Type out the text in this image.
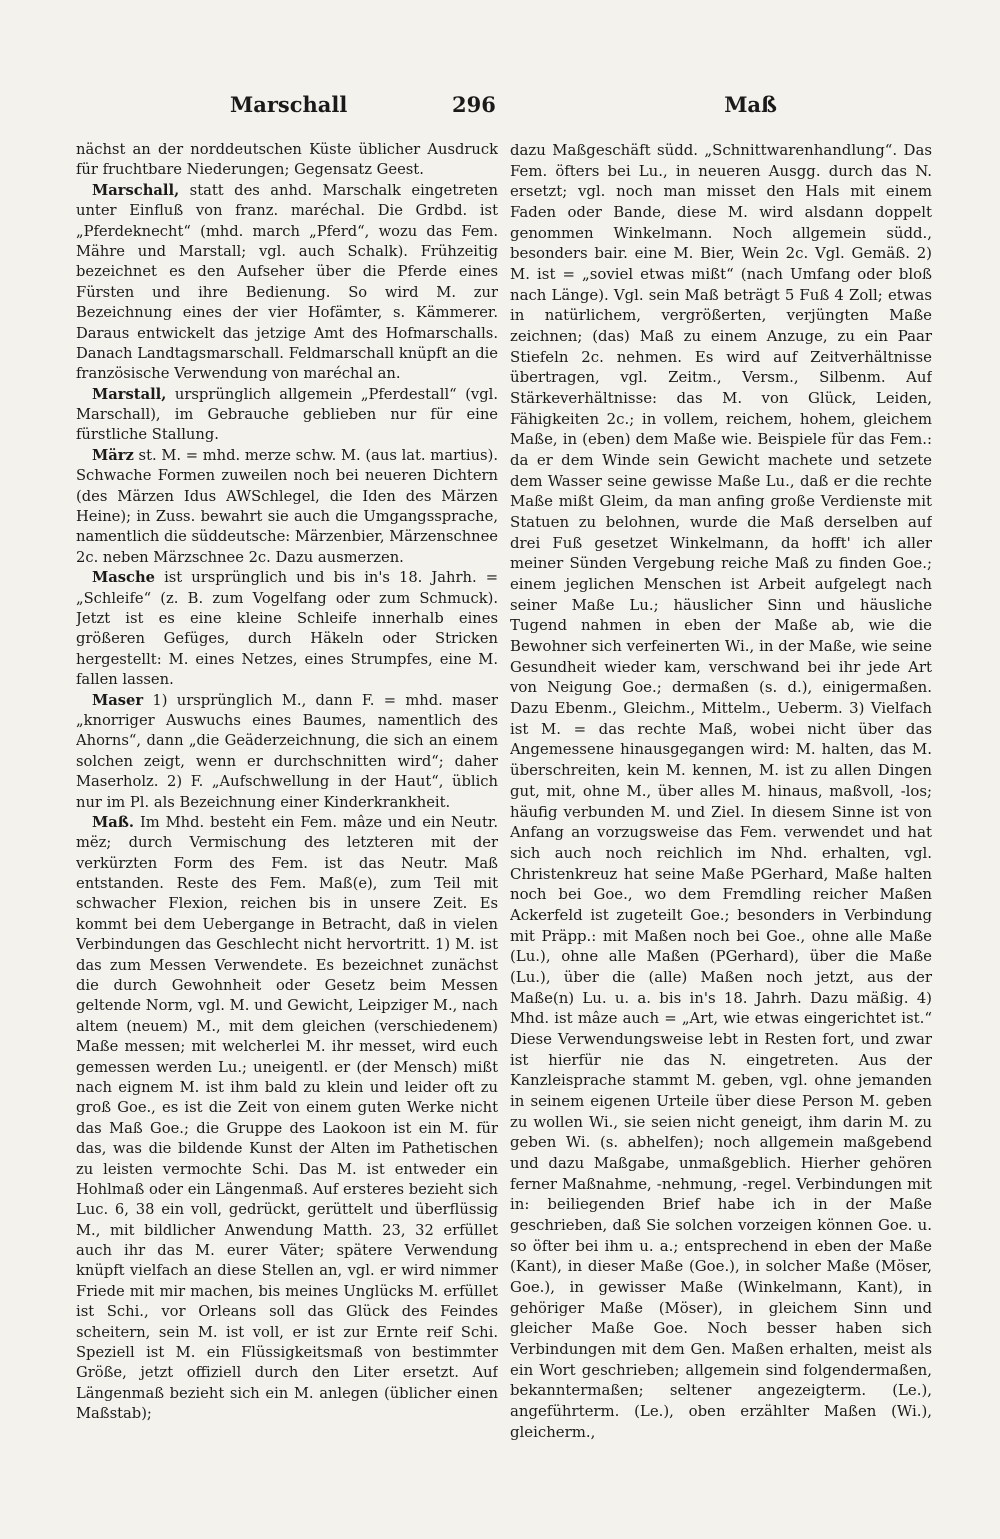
Marschall	296	Maß

nächst an der norddeutschen Küste üblicher Ausdruck für fruchtbare Niederungen; Gegensatz Geest.

Marschall, statt des anhd. Marschalk eingetreten unter Einfluß von franz. maréchal. Die Grdbd. ist „Pferdeknecht“ (mhd. march „Pferd“, wozu das Fem. Mähre und Marstall; vgl. auch Schalk). Frühzeitig bezeichnet es den Aufseher über die Pferde eines Fürsten und ihre Bedienung. So wird M. zur Bezeichnung eines der vier Hofämter, s. Kämmerer. Daraus entwickelt das jetzige Amt des Hofmarschalls. Danach Landtagsmarschall. Feldmarschall knüpft an die französische Verwendung von maréchal an.

Marstall, ursprünglich allgemein „Pferdestall“ (vgl. Marschall), im Gebrauche geblieben nur für eine fürstliche Stallung.

März st. M. = mhd. merze schw. M. (aus lat. martius). Schwache Formen zuweilen noch bei neueren Dichtern (des Märzen Idus AWSchlegel, die Iden des Märzen Heine); in Zuss. bewahrt sie auch die Umgangssprache, namentlich die süddeutsche: Märzenbier, Märzenschnee 2c. neben Märzschnee 2c. Dazu ausmerzen.

Masche ist ursprünglich und bis in's 18. Jahrh. = „Schleife“ (z. B. zum Vogelfang oder zum Schmuck). Jetzt ist es eine kleine Schleife innerhalb eines größeren Gefüges, durch Häkeln oder Stricken hergestellt: M. eines Netzes, eines Strumpfes, eine M. fallen lassen.

Maser 1) ursprünglich M., dann F. = mhd. maser „knorriger Auswuchs eines Baumes, namentlich des Ahorns“, dann „die Geäderzeichnung, die sich an einem solchen zeigt, wenn er durchschnitten wird“; daher Maserholz. 2) F. „Aufschwellung in der Haut“, üblich nur im Pl. als Bezeichnung einer Kinderkrankheit.

Maß. Im Mhd. besteht ein Fem. mâze und ein Neutr. mëz; durch Vermischung des letzteren mit der verkürzten Form des Fem. ist das Neutr. Maß entstanden. Reste des Fem. Maß(e), zum Teil mit schwacher Flexion, reichen bis in unsere Zeit. Es kommt bei dem Uebergange in Betracht, daß in vielen Verbindungen das Geschlecht nicht hervortritt. 1) M. ist das zum Messen Verwendete. Es bezeichnet zunächst die durch Gewohnheit oder Gesetz beim Messen geltende Norm, vgl. M. und Gewicht, Leipziger M., nach altem (neuem) M., mit dem gleichen (verschiedenem) Maße messen; mit welcherlei M. ihr messet, wird euch gemessen werden Lu.; uneigentl. er (der Mensch) mißt nach eignem M. ist ihm bald zu klein und leider oft zu groß Goe., es ist die Zeit von einem guten Werke nicht das Maß Goe.; die Gruppe des Laokoon ist ein M. für das, was die bildende Kunst der Alten im Pathetischen zu leisten vermochte Schi. Das M. ist entweder ein Hohlmaß oder ein Längenmaß. Auf ersteres bezieht sich Luc. 6, 38 ein voll, gedrückt, gerüttelt und überflüssig M., mit bildlicher Anwendung Matth. 23, 32 erfüllet auch ihr das M. eurer Väter; spätere Verwendung knüpft vielfach an diese Stellen an, vgl. er wird nimmer Friede mit mir machen, bis meines Unglücks M. erfüllet ist Schi., vor Orleans soll das Glück des Feindes scheitern, sein M. ist voll, er ist zur Ernte reif Schi. Speziell ist M. ein Flüssigkeitsmaß von bestimmter Größe, jetzt offiziell durch den Liter ersetzt. Auf Längenmaß bezieht sich ein M. anlegen (üblicher einen Maßstab);

dazu Maßgeschäft südd. „Schnittwarenhandlung“. Das Fem. öfters bei Lu., in neueren Ausgg. durch das N. ersetzt; vgl. noch man misset den Hals mit einem Faden oder Bande, diese M. wird alsdann doppelt genommen Winkelmann. Noch allgemein südd., besonders bair. eine M. Bier, Wein 2c. Vgl. Gemäß. 2) M. ist = „soviel etwas mißt“ (nach Umfang oder bloß nach Länge). Vgl. sein Maß beträgt 5 Fuß 4 Zoll; etwas in natürlichem, vergrößerten, verjüngten Maße zeichnen; (das) Maß zu einem Anzuge, zu ein Paar Stiefeln 2c. nehmen. Es wird auf Zeitverhältnisse übertragen, vgl. Zeitm., Versm., Silbenm. Auf Stärkeverhältnisse: das M. von Glück, Leiden, Fähigkeiten 2c.; in vollem, reichem, hohem, gleichem Maße, in (eben) dem Maße wie. Beispiele für das Fem.: da er dem Winde sein Gewicht machete und setzete dem Wasser seine gewisse Maße Lu., daß er die rechte Maße mißt Gleim, da man anfing große Verdienste mit Statuen zu belohnen, wurde die Maß derselben auf drei Fuß gesetzet Winkelmann, da hofft' ich aller meiner Sünden Vergebung reiche Maß zu finden Goe.; einem jeglichen Menschen ist Arbeit aufgelegt nach seiner Maße Lu.; häuslicher Sinn und häusliche Tugend nahmen in eben der Maße ab, wie die Bewohner sich verfeinerten Wi., in der Maße, wie seine Gesundheit wieder kam, verschwand bei ihr jede Art von Neigung Goe.; dermaßen (s. d.), einigermaßen. Dazu Ebenm., Gleichm., Mittelm., Ueberm. 3) Vielfach ist M. = das rechte Maß, wobei nicht über das Angemessene hinausgegangen wird: M. halten, das M. überschreiten, kein M. kennen, M. ist zu allen Dingen gut, mit, ohne M., über alles M. hinaus, maßvoll, -los; häufig verbunden M. und Ziel. In diesem Sinne ist von Anfang an vorzugsweise das Fem. verwendet und hat sich auch noch reichlich im Nhd. erhalten, vgl. Christenkreuz hat seine Maße PGerhard, Maße halten noch bei Goe., wo dem Fremdling reicher Maßen Ackerfeld ist zugeteilt Goe.; besonders in Verbindung mit Präpp.: mit Maßen noch bei Goe., ohne alle Maße (Lu.), ohne alle Maßen (PGerhard), über die Maße (Lu.), über die (alle) Maßen noch jetzt, aus der Maße(n) Lu. u. a. bis in's 18. Jahrh. Dazu mäßig. 4) Mhd. ist mâze auch = „Art, wie etwas eingerichtet ist.“ Diese Verwendungsweise lebt in Resten fort, und zwar ist hierfür nie das N. eingetreten. Aus der Kanzleisprache stammt M. geben, vgl. ohne jemanden in seinem eigenen Urteile über diese Person M. geben zu wollen Wi., sie seien nicht geneigt, ihm darin M. zu geben Wi. (s. abhelfen); noch allgemein maßgebend und dazu Maßgabe, unmaßgeblich. Hierher gehören ferner Maßnahme, -nehmung, -regel. Verbindungen mit in: beiliegenden Brief habe ich in der Maße geschrieben, daß Sie solchen vorzeigen können Goe. u. so öfter bei ihm u. a.; entsprechend in eben der Maße (Kant), in dieser Maße (Goe.), in solcher Maße (Möser, Goe.), in gewisser Maße (Winkelmann, Kant), in gehöriger Maße (Möser), in gleichem Sinn und gleicher Maße Goe. Noch besser haben sich Verbindungen mit dem Gen. Maßen erhalten, meist als ein Wort geschrieben; allgemein sind folgendermaßen, bekanntermaßen; seltener angezeigterm. (Le.), angeführterm. (Le.), oben erzählter Maßen (Wi.), gleicherm.,
